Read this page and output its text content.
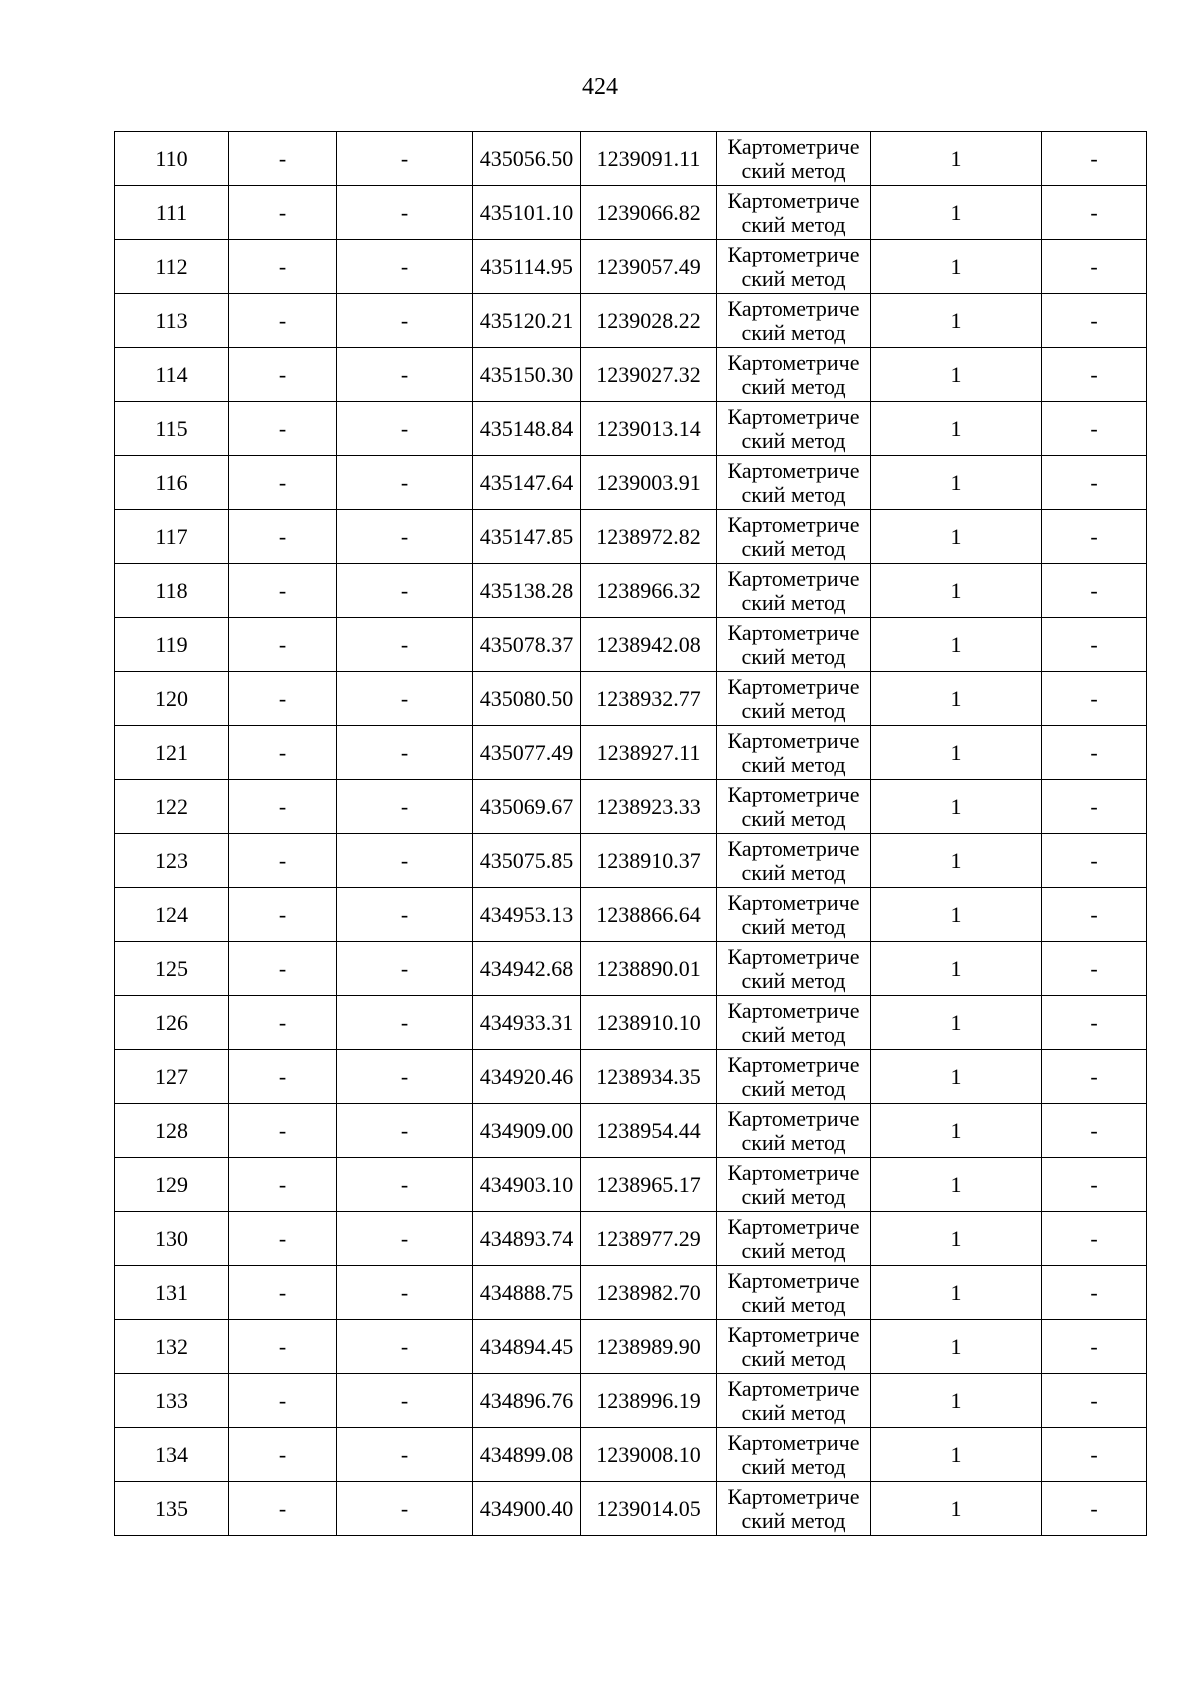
424
110	-	-	435056.50	1239091.11	Картометриче
ский метод	1	-
111	-	-	435101.10	1239066.82	Картометриче
ский метод	1	-
112	-	-	435114.95	1239057.49	Картометриче
ский метод	1	-
113	-	-	435120.21	1239028.22	Картометриче
ский метод	1	-
114	-	-	435150.30	1239027.32	Картометриче
ский метод	1	-
115	-	-	435148.84	1239013.14	Картометриче
ский метод	1	-
116	-	-	435147.64	1239003.91	Картометриче
ский метод	1	-
117	-	-	435147.85	1238972.82	Картометриче
ский метод	1	-
118	-	-	435138.28	1238966.32	Картометриче
ский метод	1	-
119	-	-	435078.37	1238942.08	Картометриче
ский метод	1	-
120	-	-	435080.50	1238932.77	Картометриче
ский метод	1	-
121	-	-	435077.49	1238927.11	Картометриче
ский метод	1	-
122	-	-	435069.67	1238923.33	Картометриче
ский метод	1	-
123	-	-	435075.85	1238910.37	Картометриче
ский метод	1	-
124	-	-	434953.13	1238866.64	Картометриче
ский метод	1	-
125	-	-	434942.68	1238890.01	Картометриче
ский метод	1	-
126	-	-	434933.31	1238910.10	Картометриче
ский метод	1	-
127	-	-	434920.46	1238934.35	Картометриче
ский метод	1	-
128	-	-	434909.00	1238954.44	Картометриче
ский метод	1	-
129	-	-	434903.10	1238965.17	Картометриче
ский метод	1	-
130	-	-	434893.74	1238977.29	Картометриче
ский метод	1	-
131	-	-	434888.75	1238982.70	Картометриче
ский метод	1	-
132	-	-	434894.45	1238989.90	Картометриче
ский метод	1	-
133	-	-	434896.76	1238996.19	Картометриче
ский метод	1	-
134	-	-	434899.08	1239008.10	Картометриче
ский метод	1	-
135	-	-	434900.40	1239014.05	Картометриче
ский метод	1	-
